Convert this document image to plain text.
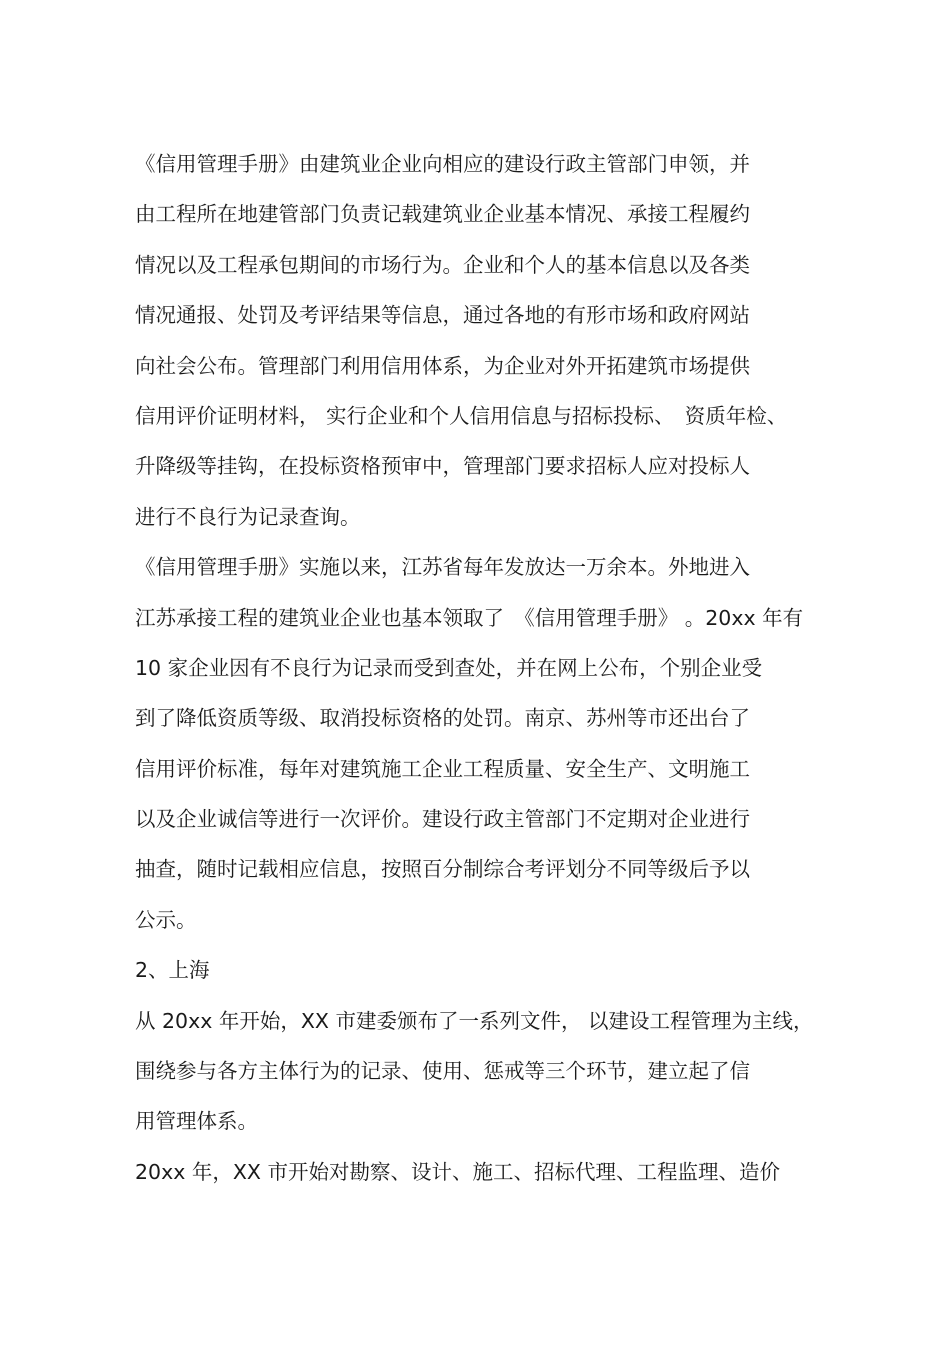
《信用管理手册》由建筑业企业向相应的建设行政主管部门申领，并
由工程所在地建管部门负责记载建筑业企业基本情况、承接工程履约
情况以及工程承包期间的市场行为。企业和个人的基本信息以及各类
情况通报、处罚及考评结果等信息，通过各地的有形市场和政府网站
向社会公布。管理部门利用信用体系，为企业对外开拓建筑市场提供
信用评价证明材料， 实行企业和个人信用信息与招标投标、　资质年检、
升降级等挂钩，在投标资格预审中，管理部门要求招标人应对投标人
进行不良行为记录查询。
《信用管理手册》实施以来，江苏省每年发放达一万余本。外地进入
江苏承接工程的建筑业企业也基本领取了　《信用管理手册》 。20xx 年有
10 家企业因有不良行为记录而受到查处，并在网上公布，个别企业受
到了降低资质等级、取消投标资格的处罚。南京、苏州等市还出台了
信用评价标准，每年对建筑施工企业工程质量、安全生产、文明施工
以及企业诚信等进行一次评价。建设行政主管部门不定期对企业进行
抽查，随时记载相应信息，按照百分制综合考评划分不同等级后予以
公示。
2、上海
从 20xx 年开始，XX 市建委颁布了一系列文件， 以建设工程管理为主线，
围绕参与各方主体行为的记录、使用、惩戒等三个环节，建立起了信
用管理体系。
20xx 年，XX 市开始对勘察、设计、施工、招标代理、工程监理、造价
